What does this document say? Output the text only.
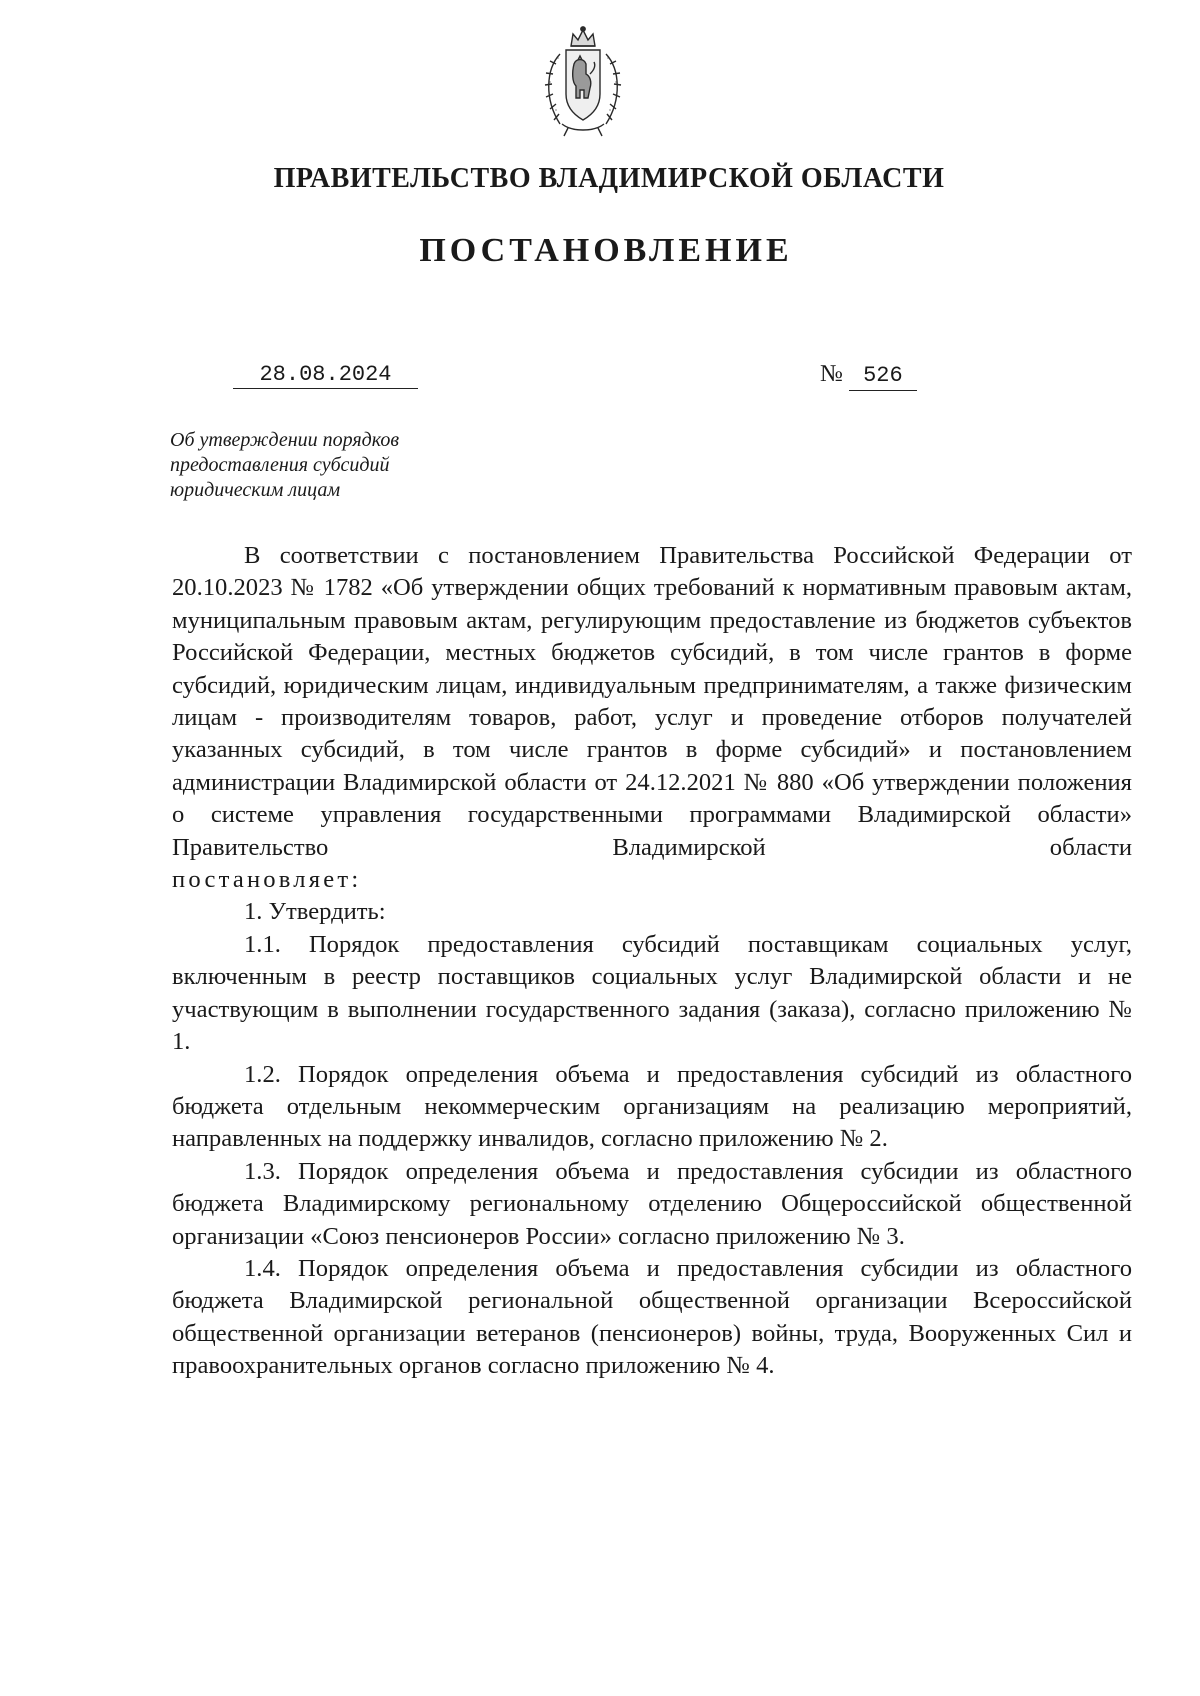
ПРАВИТЕЛЬСТВО ВЛАДИМИРСКОЙ ОБЛАСТИ
ПОСТАНОВЛЕНИЕ
28.08.2024	№ 526
Об утверждении порядков
предоставления субсидий
юридическим лицам

В соответствии с постановлением Правительства Российской Федерации от 20.10.2023 № 1782 «Об утверждении общих требований к нормативным правовым актам, муниципальным правовым актам, регулирующим предоставление из бюджетов субъектов Российской Федерации, местных бюджетов субсидий, в том числе грантов в форме субсидий, юридическим лицам, индивидуальным предпринимателям, а также физическим лицам - производителям товаров, работ, услуг и проведение отборов получателей указанных субсидий, в том числе грантов в форме субсидий» и постановлением администрации Владимирской области от 24.12.2021 № 880 «Об утверждении положения о системе управления государственными программами Владимирской области» Правительство Владимирской области

постановляет:

1. Утвердить:

1.1. Порядок предоставления субсидий поставщикам социальных услуг, включенным в реестр поставщиков социальных услуг Владимирской области и не участвующим в выполнении государственного задания (заказа), согласно приложению № 1.

1.2. Порядок определения объема и предоставления субсидий из областного бюджета отдельным некоммерческим организациям на реализацию мероприятий, направленных на поддержку инвалидов, согласно приложению № 2.

1.3. Порядок определения объема и предоставления субсидии из областного бюджета Владимирскому региональному отделению Общероссийской общественной организации «Союз пенсионеров России» согласно приложению № 3.

1.4. Порядок определения объема и предоставления субсидии из областного бюджета Владимирской региональной общественной организации Всероссийской общественной организации ветеранов (пенсионеров) войны, труда, Вооруженных Сил и правоохранительных органов согласно приложению № 4.
